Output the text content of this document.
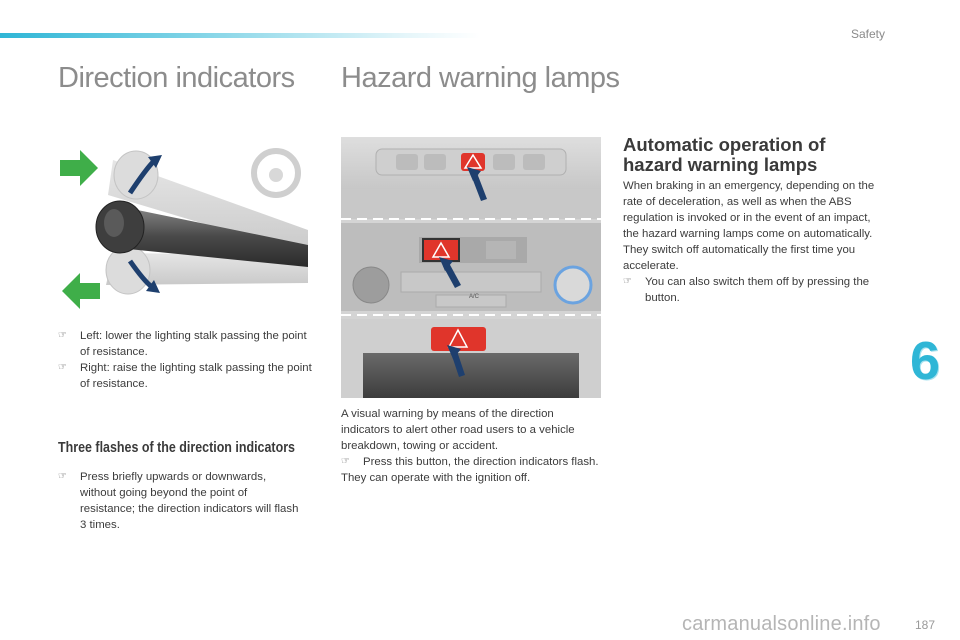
Safety
Direction indicators Hazard warning lamps
☞ Left: lower the lighting stalk passing the point of resistance.
☞ Right: raise the lighting stalk passing the point of resistance.
Three flashes of the direction indicators
☞ Press briefly upwards or downwards, without going beyond the point of resistance; the direction indicators will flash 3 times.
A/C
A visual warning by means of the direction indicators to alert other road users to a vehicle breakdown, towing or accident.
☞ Press this button, the direction indicators flash.
They can operate with the ignition off.
Automatic operation of hazard warning lamps
When braking in an emergency, depending on the rate of deceleration, as well as when the ABS regulation is invoked or in the event of an impact, the hazard warning lamps come on automatically.
They switch off automatically the first time you accelerate.
☞ You can also switch them off by pressing the button.
6
carmanualsonline.info	187
